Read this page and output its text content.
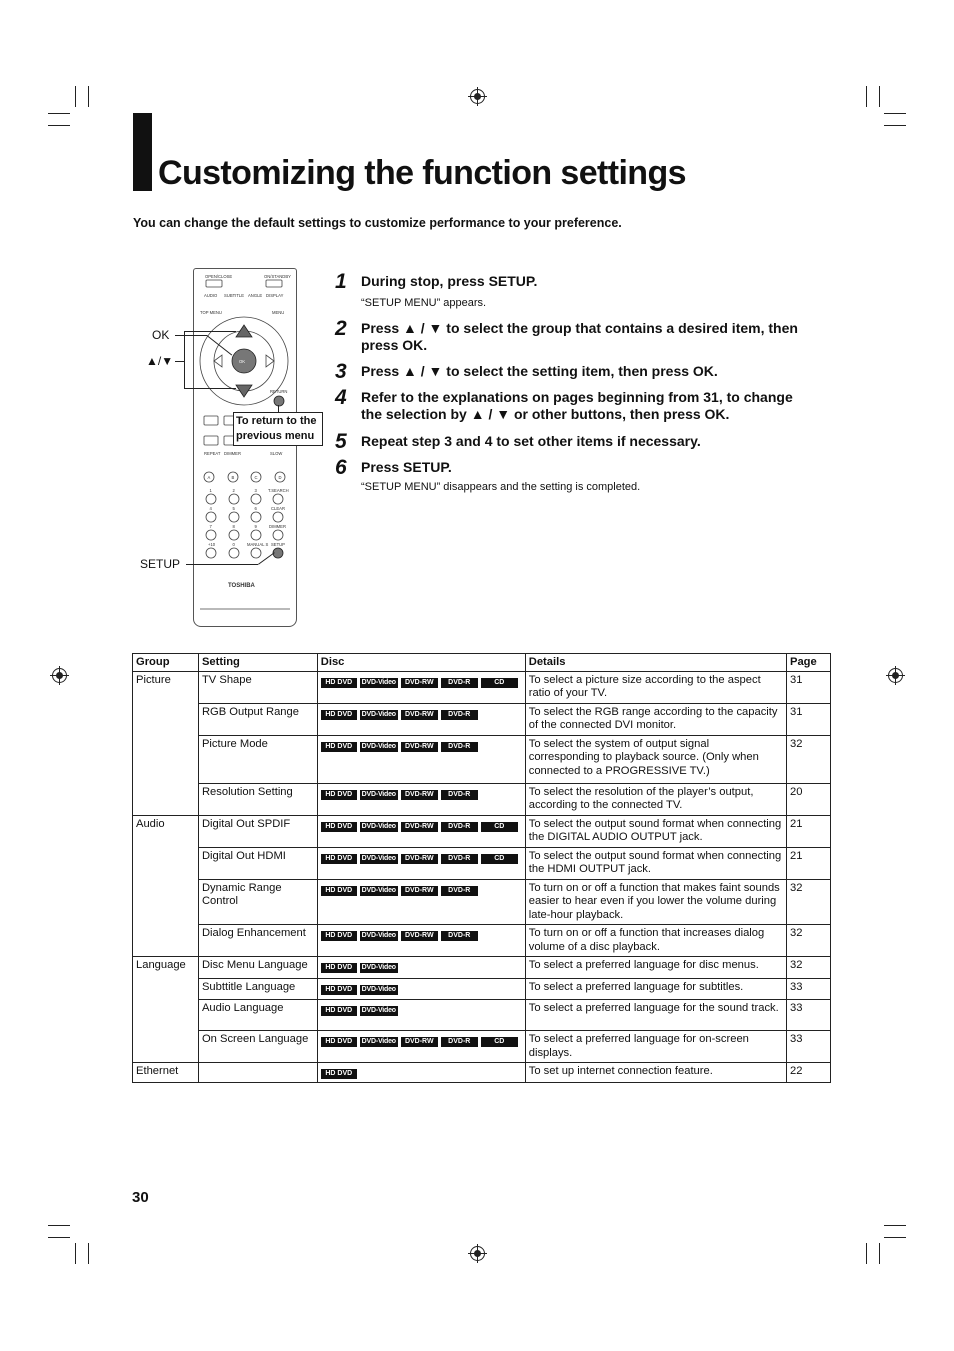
Customizing the function settings
You can change the default settings to customize performance to your preference.
OPEN/CLOSE	ON/STANDBY
AUDIO SUBTITLE ANGLE DISPLAY
TOP MENU	MENU
OK
RETURN
REPEAT DIMMER	SLOW
A	B	C	D
1	2	3	T.SEARCH
4	5	6	CLEAR
7	8	9	DIMMER
+10	0	MANUAL S SETUP
TOSHIBA
OK
▲/▼
SETUP
To return to the
previous menu
1 During stop, press SETUP.
“SETUP MENU” appears.
2 Press ▲ / ▼ to select the group that contains a desired item, then press OK.
3 Press ▲ / ▼ to select the setting item, then press OK.
4 Refer to the explanations on pages beginning from 31, to change the selection by ▲ / ▼ or other buttons, then press OK.
5 Repeat step 3 and 4 to set other items if necessary.
6 Press SETUP.
“SETUP MENU” disappears and the setting is completed.
Group	Setting	Disc	Details	Page
Picture	TV Shape	HD DVD DVD-Video DVD-RW DVD-R CD	To select a picture size according to the aspect ratio of your TV.	31
	RGB Output Range	HD DVD DVD-Video DVD-RW DVD-R	To select the RGB range according to the capacity of the connected DVI monitor.	31
	Picture Mode	HD DVD DVD-Video DVD-RW DVD-R	To select the system of output signal corresponding to playback source. (Only when connected to a PROGRESSIVE TV.)	32
	Resolution Setting	HD DVD DVD-Video DVD-RW DVD-R	To select the resolution of the player’s output, according to the connected TV.	20
Audio	Digital Out SPDIF	HD DVD DVD-Video DVD-RW DVD-R CD	To select the output sound format when connecting the DIGITAL AUDIO OUTPUT jack.	21
	Digital Out HDMI	HD DVD DVD-Video DVD-RW DVD-R CD	To select the output sound format when connecting the HDMI OUTPUT jack.	21
	Dynamic Range Control	HD DVD DVD-Video DVD-RW DVD-R	To turn on or off a function that makes faint sounds easier to hear even if you lower the volume during late-hour playback.	32
	Dialog Enhancement	HD DVD DVD-Video DVD-RW DVD-R	To turn on or off a function that increases dialog volume of a disc playback.	32
Language	Disc Menu Language	HD DVD DVD-Video	To select a preferred language for disc menus.	32
	Subttitle Language	HD DVD DVD-Video	To select a preferred language for subtitles.	33
	Audio Language	HD DVD DVD-Video	To select a preferred language for the sound track.	33
	On Screen Language	HD DVD DVD-Video DVD-RW DVD-R CD	To select a preferred language for on-screen displays.	33
Ethernet		HD DVD	To set up internet connection feature.	22
30
